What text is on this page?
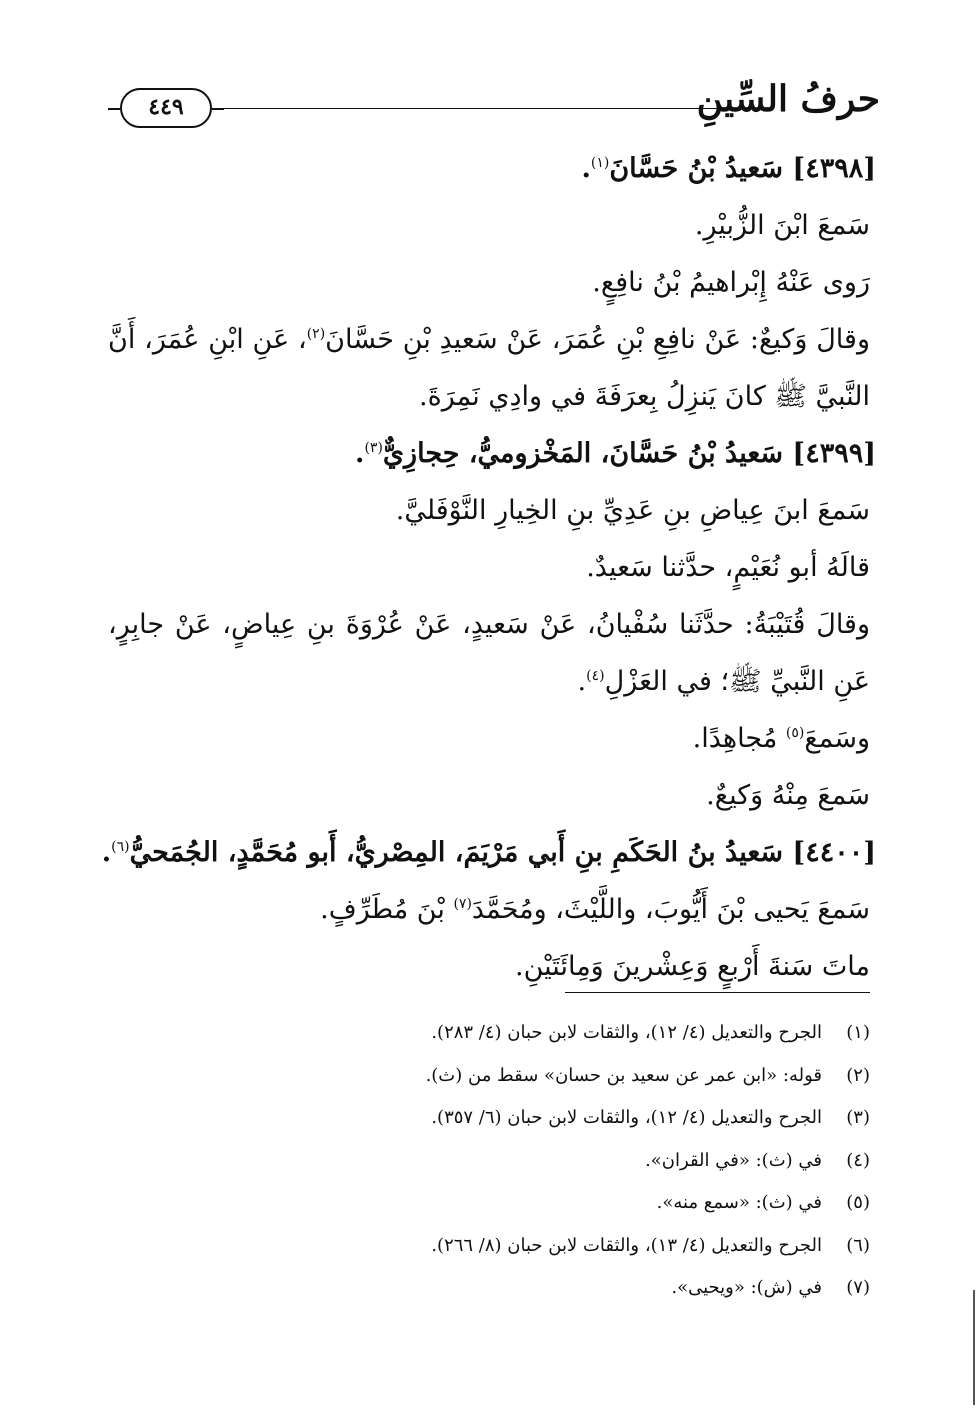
حرفُ السِّينِ
٤٤٩
[٤٣٩٨] سَعيدُ بْنُ حَسَّانَ$^{(١)}$.
سَمعَ ابْنَ الزُّبيْرِ.
رَوى عَنْهُ إِبْراهيمُ بْنُ نافِعٍ.
وقالَ وَكيعٌ: عَنْ نافِعِ بْنِ عُمَرَ، عَنْ سَعيدِ بْنِ حَسَّانَ$^{(٢)}$، عَنِ ابْنِ عُمَرَ، أَنَّ
النَّبيَّ ﷺ كانَ يَنزِلُ بِعرَفَةَ في وادِي نَمِرَةَ.
[٤٣٩٩] سَعيدُ بْنُ حَسَّانَ، المَخْزوميُّ، حِجازِيٌّ$^{(٣)}$.
سَمعَ ابنَ عِياضِ بنِ عَدِيِّ بنِ الخِيارِ النَّوْفَليَّ.
قالَهُ أبو نُعَيْمٍ، حدَّثنا سَعيدٌ.
وقالَ قُتَيْبَةُ: حدَّثَنا سُفْيانُ، عَنْ سَعيدٍ، عَنْ عُرْوَةَ بنِ عِياضٍ، عَنْ جابِرٍ،
عَنِ النَّبيِّ ﷺ؛ في العَزْلِ$^{(٤)}$.
وسَمعَ$^{(٥)}$ مُجاهِدًا.
سَمعَ مِنْهُ وَكيعٌ.
[٤٤٠٠] سَعيدُ بنُ الحَكَمِ بنِ أَبي مَرْيَمَ، المِصْريُّ، أَبو مُحَمَّدٍ، الجُمَحيُّ$^{(٦)}$.
سَمعَ يَحيى بْنَ أَيُّوبَ، واللَّيْثَ، ومُحَمَّدَ$^{(٧)}$ بْنَ مُطَرِّفٍ.
ماتَ سَنةَ أَرْبعٍ وَعِشْرينَ وَمِائَتَيْنِ.
(١)الجرح والتعديل (٤/ ١٢)، والثقات لابن حبان (٤/ ٢٨٣).
(٢)قوله: «ابن عمر عن سعيد بن حسان» سقط من (ث).
(٣)الجرح والتعديل (٤/ ١٢)، والثقات لابن حبان (٦/ ٣٥٧).
(٤)في (ث): «في القران».
(٥)في (ث): «سمع منه».
(٦)الجرح والتعديل (٤/ ١٣)، والثقات لابن حبان (٨/ ٢٦٦).
(٧)في (ش): «ويحيى».
